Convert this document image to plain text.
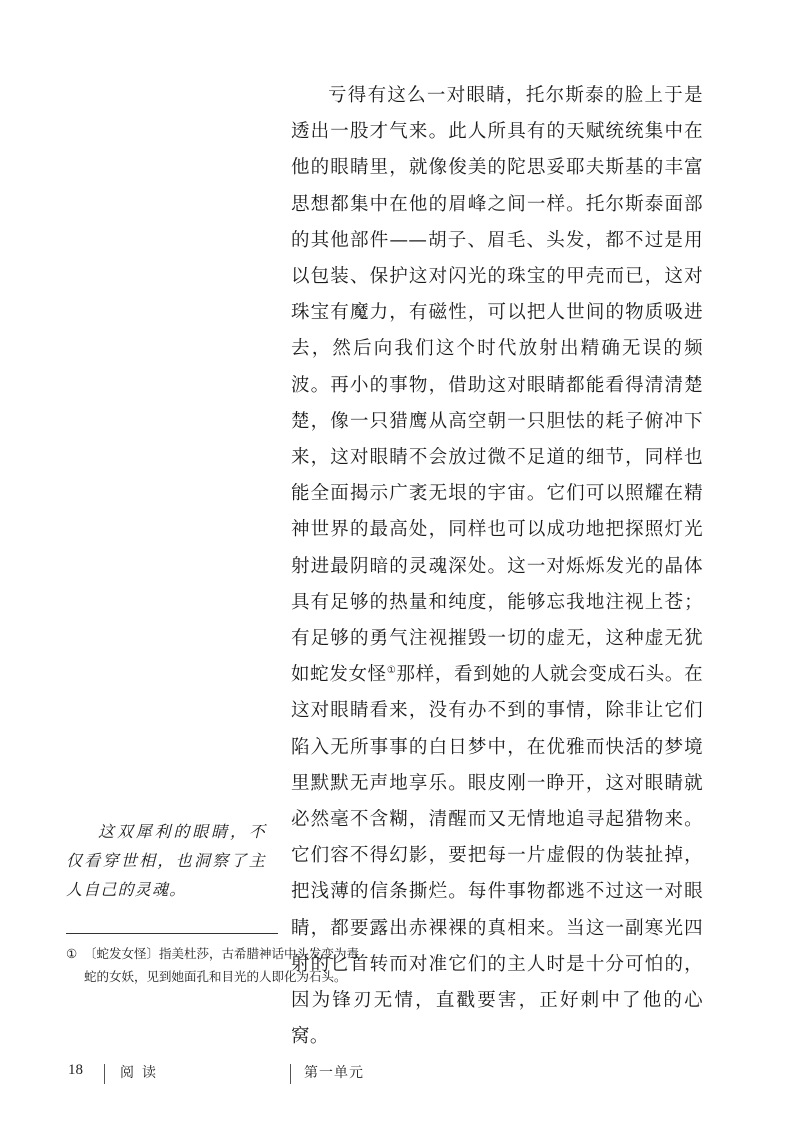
亏得有这么一对眼睛，托尔斯泰的脸上于是透出一股才气来。此人所具有的天赋统统集中在他的眼睛里，就像俊美的陀思妥耶夫斯基的丰富思想都集中在他的眉峰之间一样。托尔斯泰面部的其他部件——胡子、眉毛、头发，都不过是用以包装、保护这对闪光的珠宝的甲壳而已，这对珠宝有魔力，有磁性，可以把人世间的物质吸进去，然后向我们这个时代放射出精确无误的频波。再小的事物，借助这对眼睛都能看得清清楚楚，像一只猎鹰从高空朝一只胆怯的耗子俯冲下来，这对眼睛不会放过微不足道的细节，同样也能全面揭示广袤无垠的宇宙。它们可以照耀在精神世界的最高处，同样也可以成功地把探照灯光射进最阴暗的灵魂深处。这一对烁烁发光的晶体具有足够的热量和纯度，能够忘我地注视上苍；有足够的勇气注视摧毁一切的虚无，这种虚无犹如蛇发女怪①那样，看到她的人就会变成石头。在这对眼睛看来，没有办不到的事情，除非让它们陷入无所事事的白日梦中，在优雅而快活的梦境里默默无声地享乐。眼皮刚一睁开，这对眼睛就必然毫不含糊，清醒而又无情地追寻起猎物来。它们容不得幻影，要把每一片虚假的伪装扯掉，把浅薄的信条撕烂。每件事物都逃不过这一对眼睛，都要露出赤裸裸的真相来。当这一副寒光四射的匕首转而对准它们的主人时是十分可怕的，因为锋刃无情，直戳要害，正好刺中了他的心窝。

这双犀利的眼睛，不仅看穿世相，也洞察了主人自己的灵魂。

① 〔蛇发女怪〕指美杜莎，古希腊神话中头发变为毒蛇的女妖，见到她面孔和目光的人即化为石头。
18	阅读	第一单元
